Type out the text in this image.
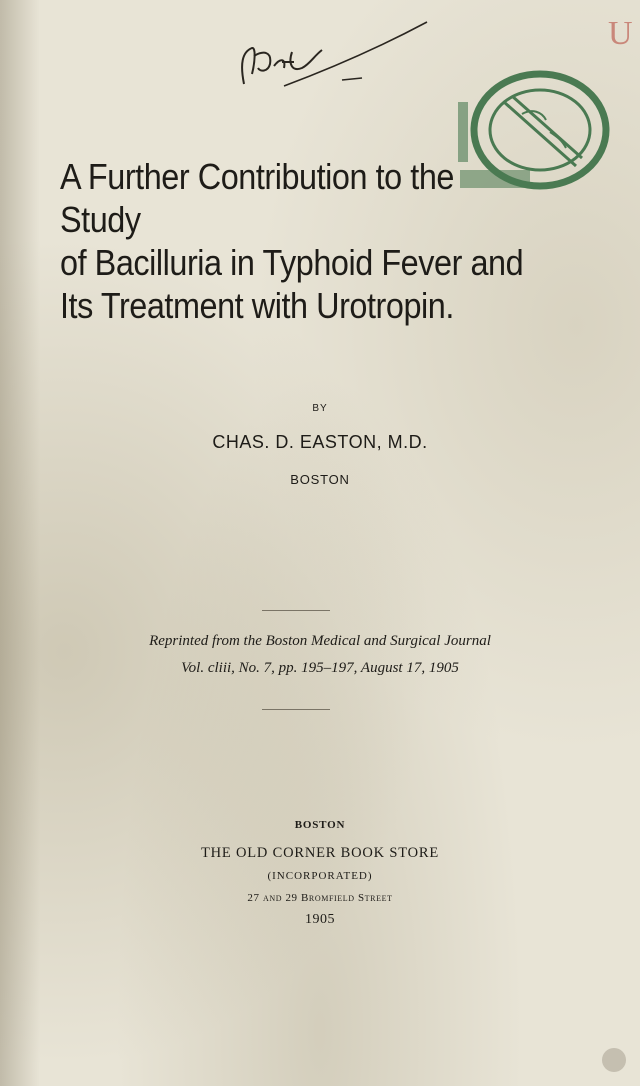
U
A Further Contribution to the Study
of Bacilluria in Typhoid Fever and
Its Treatment with Urotropin.
BY
CHAS. D. EASTON, M.D.
BOSTON
Reprinted from the Boston Medical and Surgical Journal
Vol. cliii, No. 7, pp. 195–197, August 17, 1905
BOSTON
THE OLD CORNER BOOK STORE
(INCORPORATED)
27 and 29 Bromfield Street
1905
